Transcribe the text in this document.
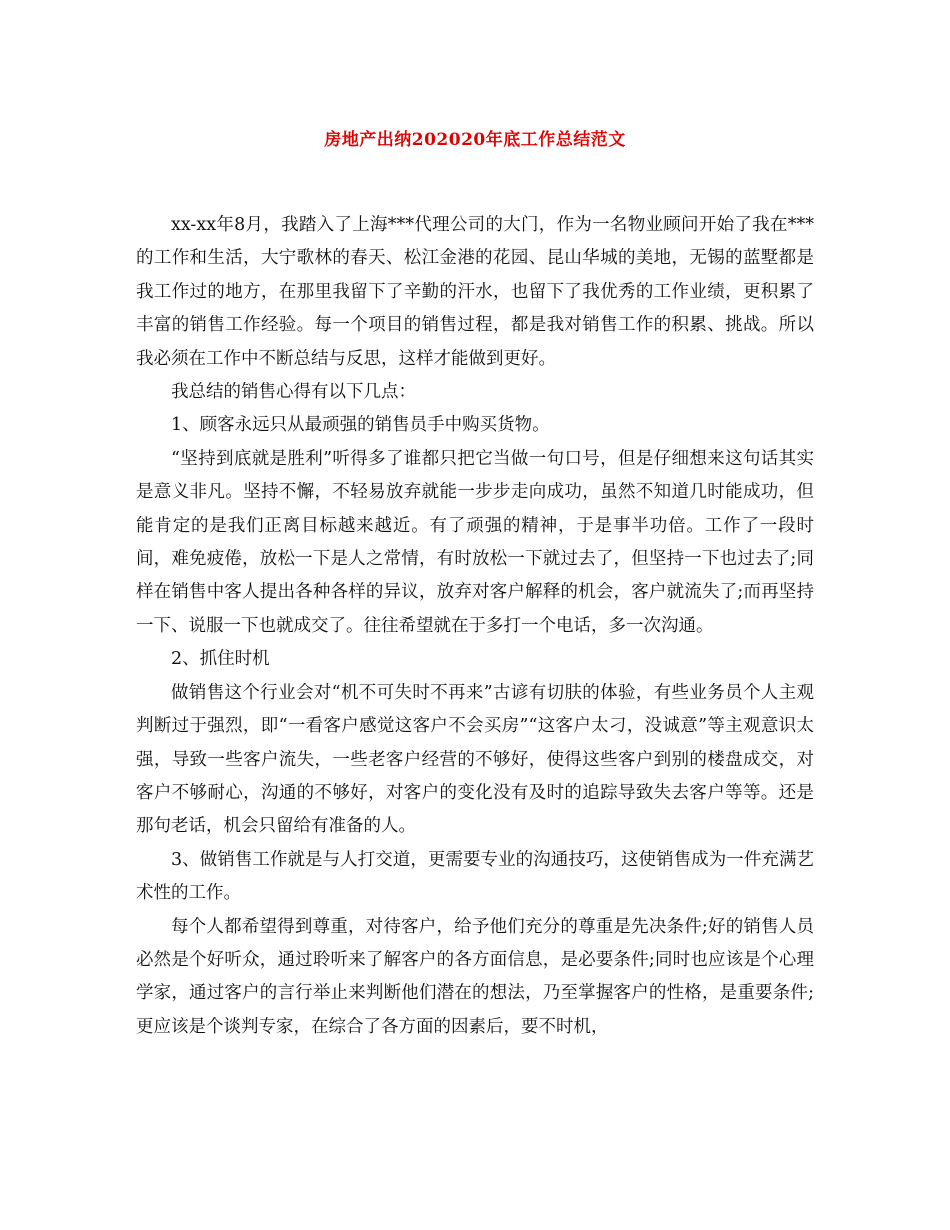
房地产出纳202020年底工作总结范文

xx-xx年8月，我踏入了上海***代理公司的大门，作为一名物业顾问开始了我在***的工作和生活，大宁歌林的春天、松江金港的花园、昆山华城的美地，无锡的蓝墅都是我工作过的地方，在那里我留下了辛勤的汗水，也留下了我优秀的工作业绩，更积累了丰富的销售工作经验。每一个项目的销售过程，都是我对销售工作的积累、挑战。所以我必须在工作中不断总结与反思，这样才能做到更好。

我总结的销售心得有以下几点：

1、顾客永远只从最顽强的销售员手中购买货物。

“坚持到底就是胜利”听得多了谁都只把它当做一句口号，但是仔细想来这句话其实是意义非凡。坚持不懈，不轻易放弃就能一步步走向成功，虽然不知道几时能成功，但能肯定的是我们正离目标越来越近。有了顽强的精神，于是事半功倍。工作了一段时间，难免疲倦，放松一下是人之常情，有时放松一下就过去了，但坚持一下也过去了;同样在销售中客人提出各种各样的异议，放弃对客户解释的机会，客户就流失了;而再坚持一下、说服一下也就成交了。往往希望就在于多打一个电话，多一次沟通。

2、抓住时机

做销售这个行业会对“机不可失时不再来”古谚有切肤的体验，有些业务员个人主观判断过于强烈，即“一看客户感觉这客户不会买房”“这客户太刁，没诚意”等主观意识太强，导致一些客户流失，一些老客户经营的不够好，使得这些客户到别的楼盘成交，对客户不够耐心，沟通的不够好，对客户的变化没有及时的追踪导致失去客户等等。还是那句老话，机会只留给有准备的人。

3、做销售工作就是与人打交道，更需要专业的沟通技巧，这使销售成为一件充满艺术性的工作。

每个人都希望得到尊重，对待客户，给予他们充分的尊重是先决条件;好的销售人员必然是个好听众，通过聆听来了解客户的各方面信息，是必要条件;同时也应该是个心理学家，通过客户的言行举止来判断他们潜在的想法，乃至掌握客户的性格，是重要条件;更应该是个谈判专家，在综合了各方面的因素后，要不时机，
